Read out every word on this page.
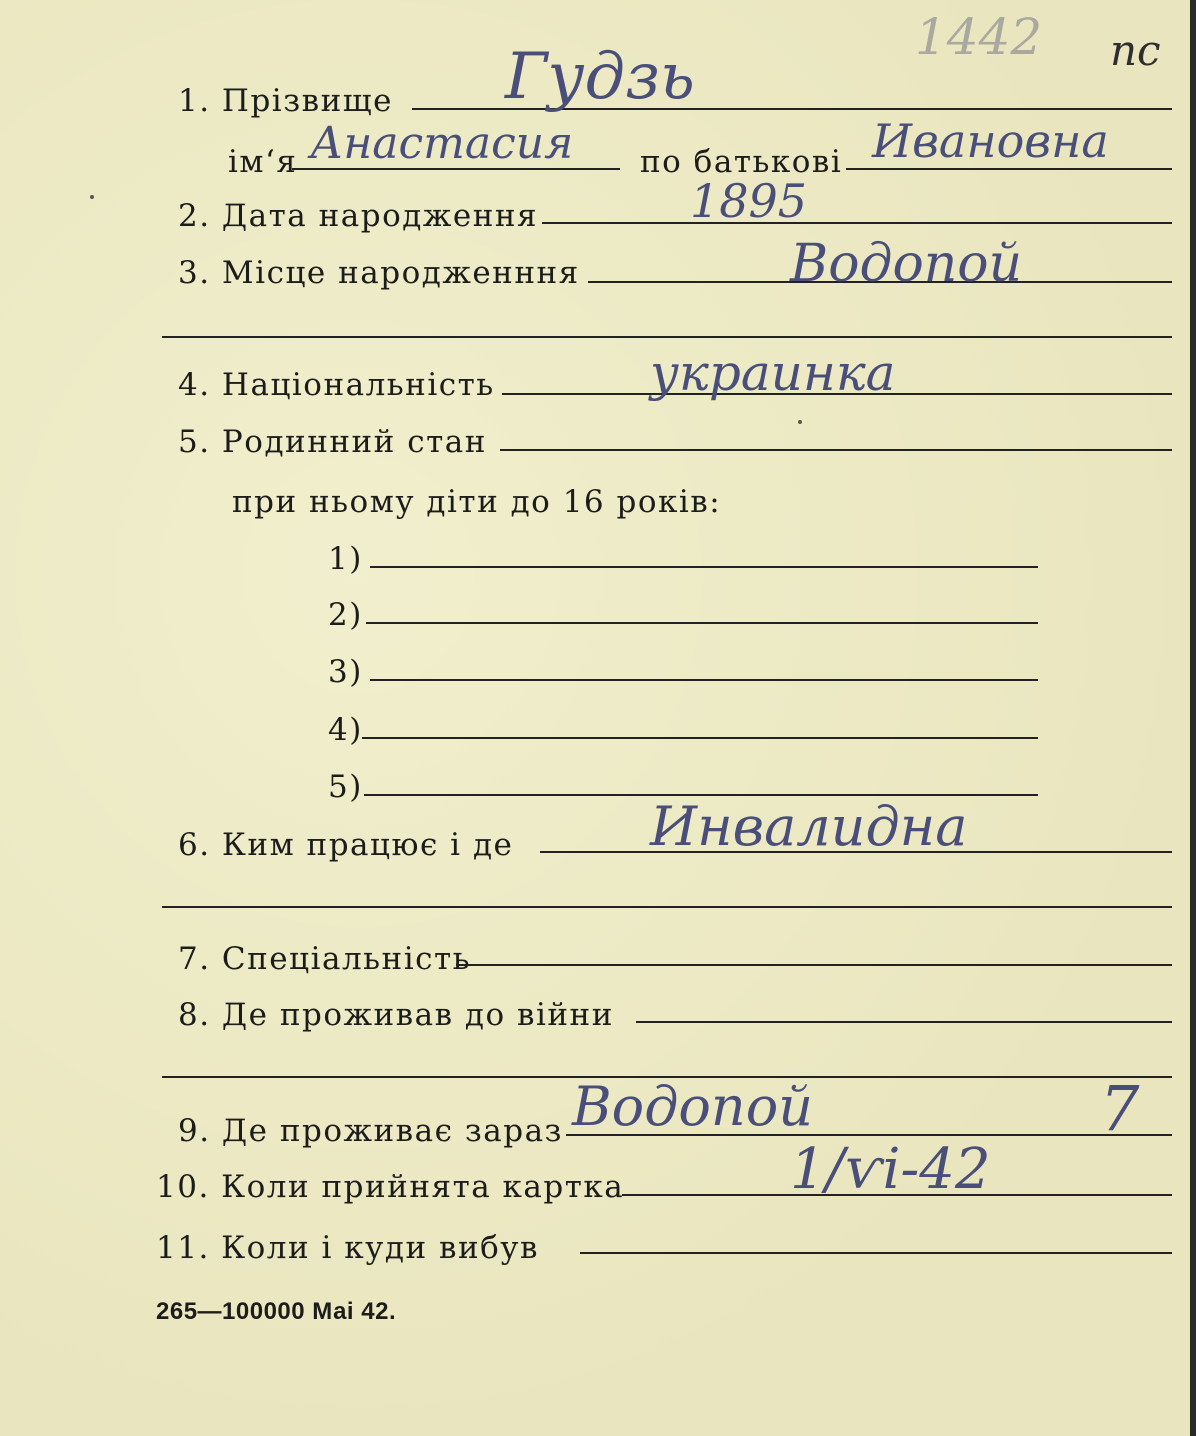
1442 пс
1. Прізвище Гудзь
ім‘я Анастасия по батькові Ивановна
2. Дата народження	1895
3. Місце народженння	Водопой
4. Національність	украинка
5. Родинний стан
при ньому діти до 16 років:
1)
2)
3)
4)
5)
6. Ким працює і де	Инвалидна
7. Спеціальність
8. Де проживав до війни
9. Де проживає зараз Водопой	7
10. Коли прийнята картка	1/ѵі-42
11. Коли і куди вибув
265—100000 Маі 42.
